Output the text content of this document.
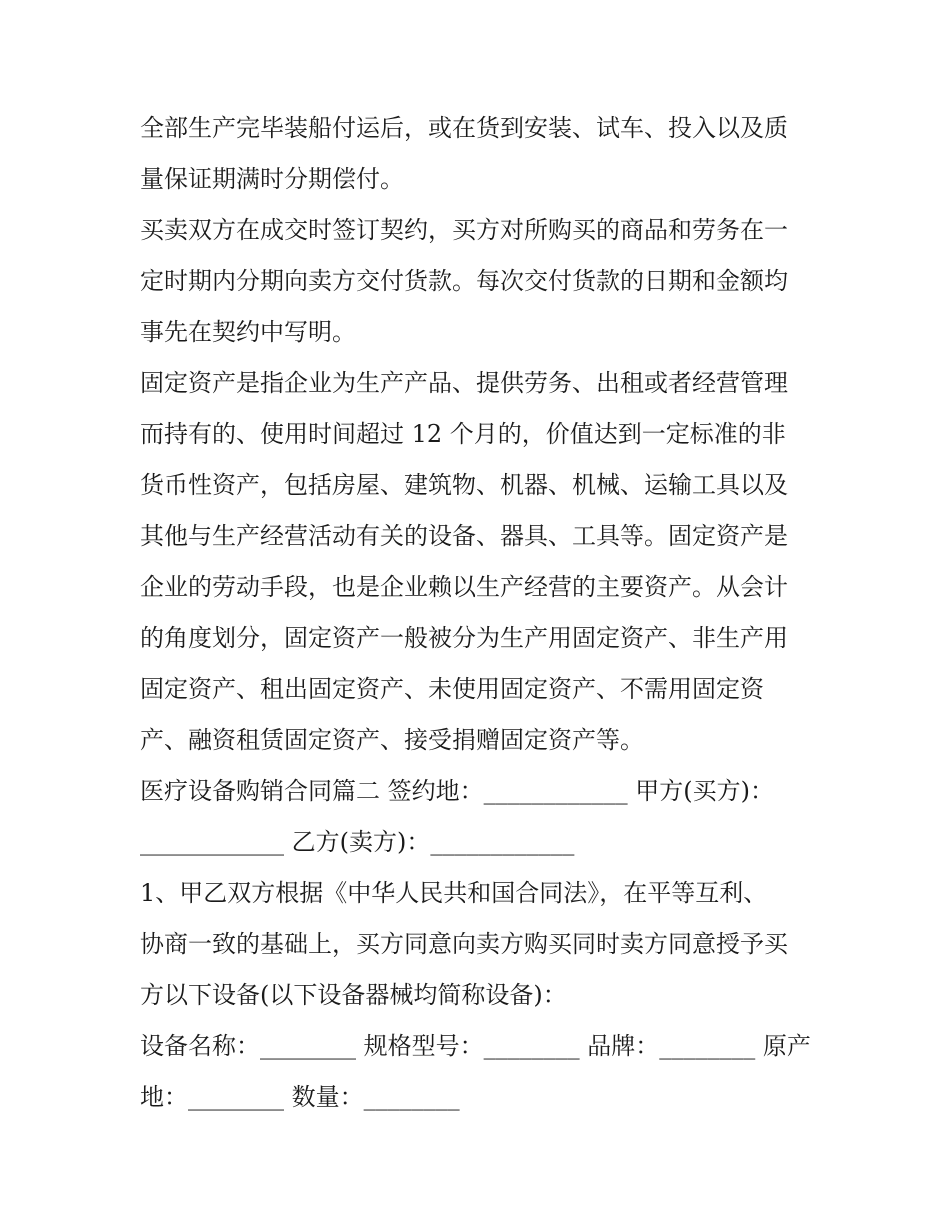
全部生产完毕装船付运后，或在货到安装、试车、投入以及质
量保证期满时分期偿付。
买卖双方在成交时签订契约，买方对所购买的商品和劳务在一
定时期内分期向卖方交付货款。每次交付货款的日期和金额均
事先在契约中写明。
固定资产是指企业为生产产品、提供劳务、出租或者经营管理
而持有的、使用时间超过 12 个月的，价值达到一定标准的非
货币性资产，包括房屋、建筑物、机器、机械、运输工具以及
其他与生产经营活动有关的设备、器具、工具等。固定资产是
企业的劳动手段，也是企业赖以生产经营的主要资产。从会计
的角度划分，固定资产一般被分为生产用固定资产、非生产用
固定资产、租出固定资产、未使用固定资产、不需用固定资
产、融资租赁固定资产、接受捐赠固定资产等。
医疗设备购销合同篇二 签约地：____________ 甲方(买方)：
____________ 乙方(卖方)：____________
1、甲乙双方根据《中华人民共和国合同法》，在平等互利、
协商一致的基础上，买方同意向卖方购买同时卖方同意授予买
方以下设备(以下设备器械均简称设备)：
设备名称：________ 规格型号：________ 品牌：________ 原产
地：________ 数量：________
